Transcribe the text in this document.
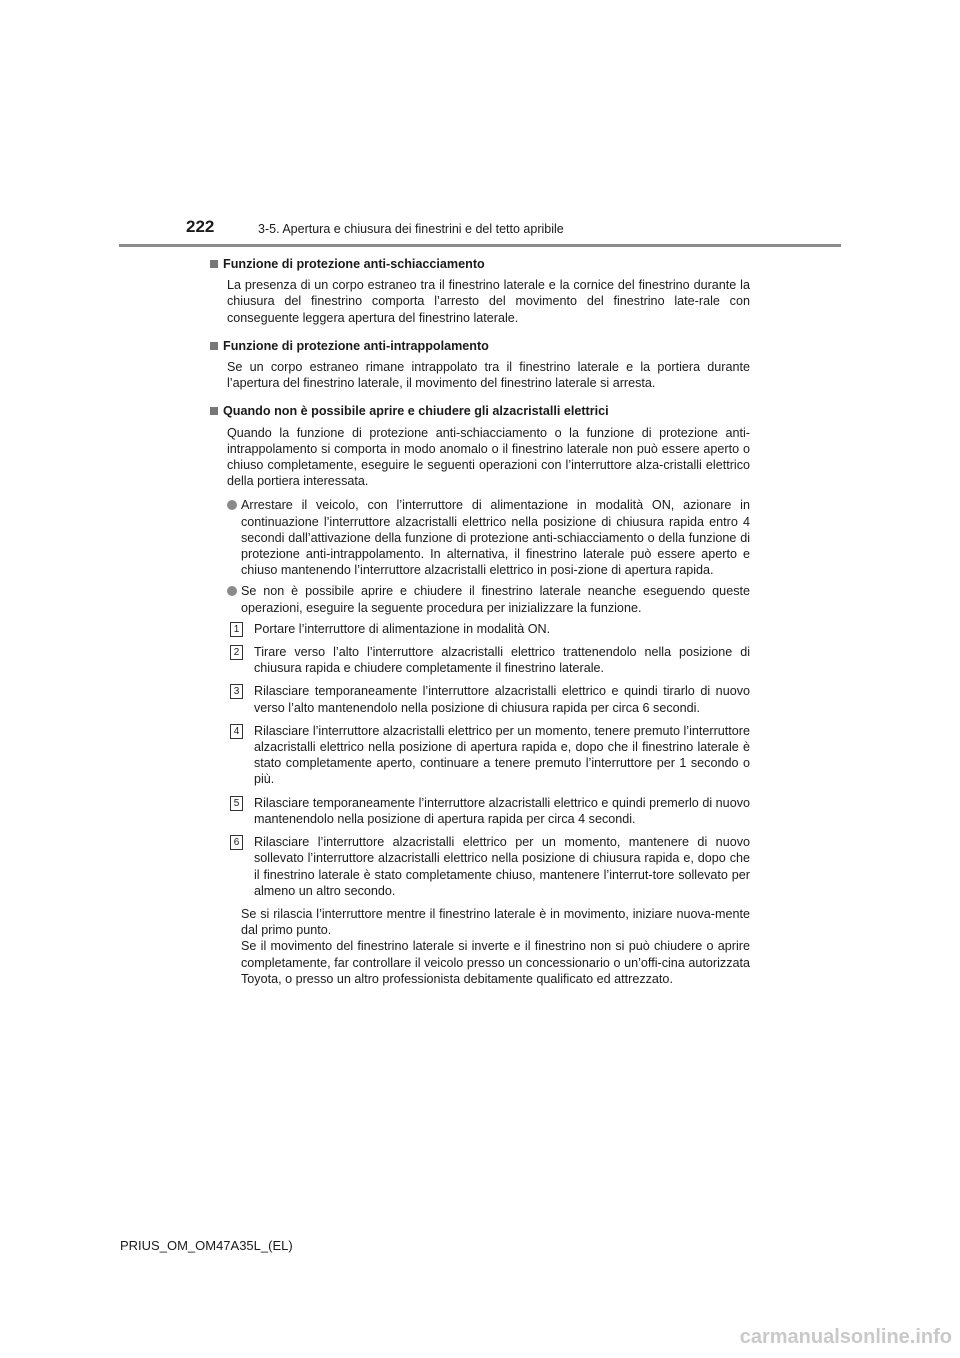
222	3-5. Apertura e chiusura dei finestrini e del tetto apribile
Funzione di protezione anti-schiacciamento
La presenza di un corpo estraneo tra il finestrino laterale e la cornice del finestrino durante la chiusura del finestrino comporta l’arresto del movimento del finestrino late-rale con conseguente leggera apertura del finestrino laterale.
Funzione di protezione anti-intrappolamento
Se un corpo estraneo rimane intrappolato tra il finestrino laterale e la portiera durante l’apertura del finestrino laterale, il movimento del finestrino laterale si arresta.
Quando non è possibile aprire e chiudere gli alzacristalli elettrici
Quando la funzione di protezione anti-schiacciamento o la funzione di protezione anti-intrappolamento si comporta in modo anomalo o il finestrino laterale non può essere aperto o chiuso completamente, eseguire le seguenti operazioni con l’interruttore alza-cristalli elettrico della portiera interessata.
Arrestare il veicolo, con l’interruttore di alimentazione in modalità ON, azionare in continuazione l’interruttore alzacristalli elettrico nella posizione di chiusura rapida entro 4 secondi dall’attivazione della funzione di protezione anti-schiacciamento o della funzione di protezione anti-intrappolamento. In alternativa, il finestrino laterale può essere aperto e chiuso mantenendo l’interruttore alzacristalli elettrico in posi-zione di apertura rapida.
Se non è possibile aprire e chiudere il finestrino laterale neanche eseguendo queste operazioni, eseguire la seguente procedura per inizializzare la funzione.
1 Portare l’interruttore di alimentazione in modalità ON.
2 Tirare verso l’alto l’interruttore alzacristalli elettrico trattenendolo nella posizione di chiusura rapida e chiudere completamente il finestrino laterale.
3 Rilasciare temporaneamente l’interruttore alzacristalli elettrico e quindi tirarlo di nuovo verso l’alto mantenendolo nella posizione di chiusura rapida per circa 6 secondi.
4 Rilasciare l’interruttore alzacristalli elettrico per un momento, tenere premuto l’interruttore alzacristalli elettrico nella posizione di apertura rapida e, dopo che il finestrino laterale è stato completamente aperto, continuare a tenere premuto l’interruttore per 1 secondo o più.
5 Rilasciare temporaneamente l’interruttore alzacristalli elettrico e quindi premerlo di nuovo mantenendolo nella posizione di apertura rapida per circa 4 secondi.
6 Rilasciare l’interruttore alzacristalli elettrico per un momento, mantenere di nuovo sollevato l’interruttore alzacristalli elettrico nella posizione di chiusura rapida e, dopo che il finestrino laterale è stato completamente chiuso, mantenere l’interrut-tore sollevato per almeno un altro secondo.
Se si rilascia l’interruttore mentre il finestrino laterale è in movimento, iniziare nuova-mente dal primo punto.
Se il movimento del finestrino laterale si inverte e il finestrino non si può chiudere o aprire completamente, far controllare il veicolo presso un concessionario o un’offi-cina autorizzata Toyota, o presso un altro professionista debitamente qualificato ed attrezzato.
PRIUS_OM_OM47A35L_(EL)
carmanualsonline.info
